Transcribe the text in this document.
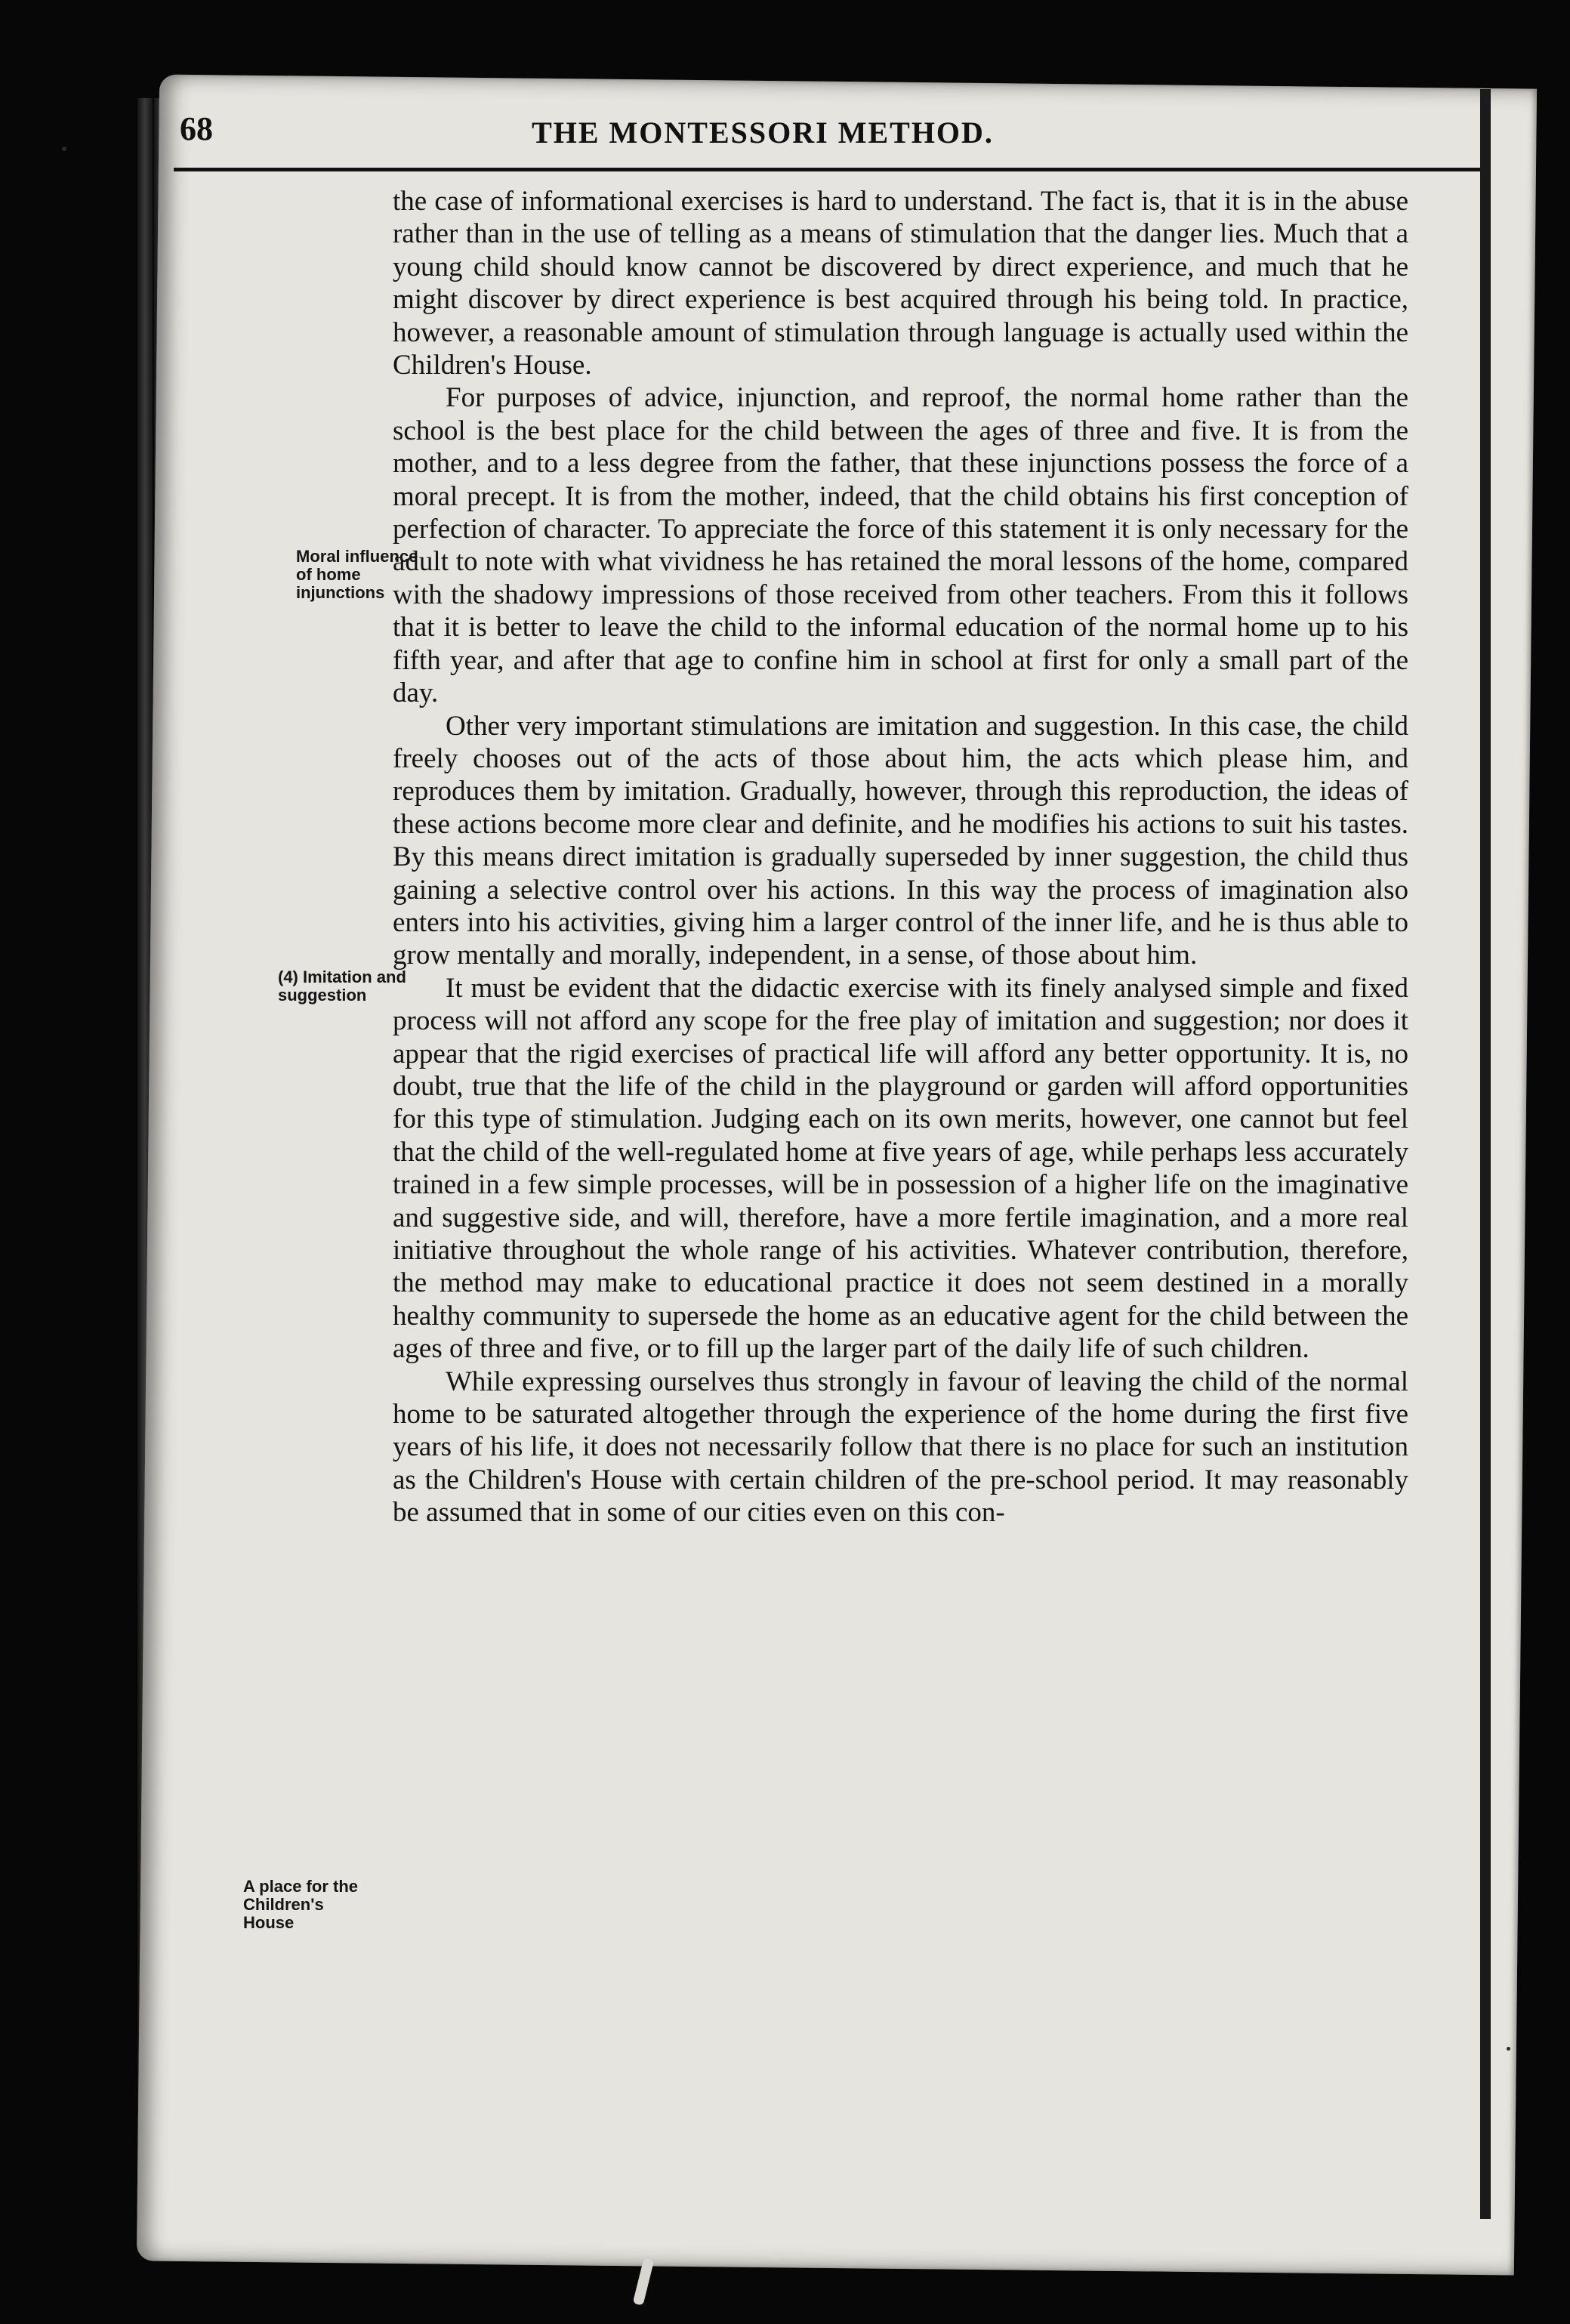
68	THE MONTESSORI METHOD.
Moral influence of home injunctions
(4) Imitation and suggestion
A place for the Children's House

the case of informational exercises is hard to understand. The fact is, that it is in the abuse rather than in the use of telling as a means of stimulation that the danger lies. Much that a young child should know cannot be discovered by direct experience, and much that he might discover by direct experience is best acquired through his being told. In practice, however, a reasonable amount of stimulation through language is actually used within the Children's House.

For purposes of advice, injunction, and reproof, the normal home rather than the school is the best place for the child between the ages of three and five. It is from the mother, and to a less degree from the father, that these injunctions possess the force of a moral precept. It is from the mother, indeed, that the child obtains his first conception of perfection of character. To appreciate the force of this statement it is only necessary for the adult to note with what vividness he has retained the moral lessons of the home, compared with the shadowy impressions of those received from other teachers. From this it follows that it is better to leave the child to the informal education of the normal home up to his fifth year, and after that age to confine him in school at first for only a small part of the day.

Other very important stimulations are imitation and suggestion. In this case, the child freely chooses out of the acts of those about him, the acts which please him, and reproduces them by imitation. Gradually, however, through this reproduction, the ideas of these actions become more clear and definite, and he modifies his actions to suit his tastes. By this means direct imitation is gradually superseded by inner suggestion, the child thus gaining a selective control over his actions. In this way the process of imagination also enters into his activities, giving him a larger control of the inner life, and he is thus able to grow mentally and morally, independent, in a sense, of those about him.

It must be evident that the didactic exercise with its finely analysed simple and fixed process will not afford any scope for the free play of imitation and suggestion; nor does it appear that the rigid exercises of practical life will afford any better opportunity. It is, no doubt, true that the life of the child in the playground or garden will afford opportunities for this type of stimulation. Judging each on its own merits, however, one cannot but feel that the child of the well-regulated home at five years of age, while perhaps less accurately trained in a few simple processes, will be in possession of a higher life on the imaginative and suggestive side, and will, therefore, have a more fertile imagination, and a more real initiative throughout the whole range of his activities. Whatever contribution, therefore, the method may make to educational practice it does not seem destined in a morally healthy community to supersede the home as an educative agent for the child between the ages of three and five, or to fill up the larger part of the daily life of such children.

While expressing ourselves thus strongly in favour of leaving the child of the normal home to be saturated altogether through the experience of the home during the first five years of his life, it does not necessarily follow that there is no place for such an institution as the Children's House with certain children of the pre-school period. It may reasonably be assumed that in some of our cities even on this con-
